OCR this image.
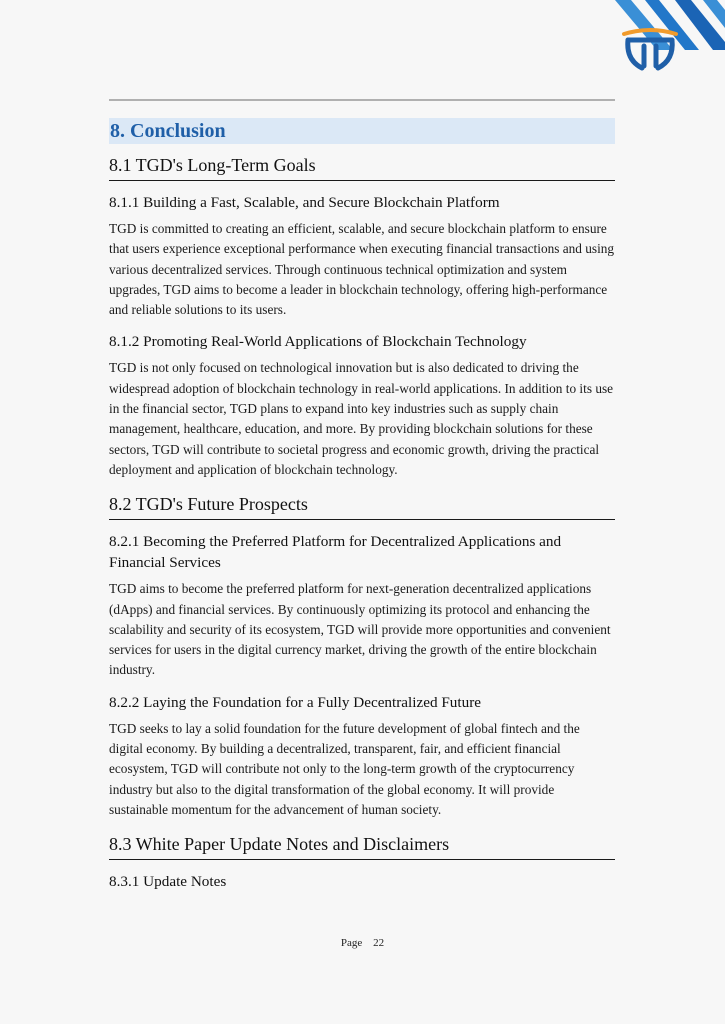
8. Conclusion
8.1 TGD's Long-Term Goals
8.1.1 Building a Fast, Scalable, and Secure Blockchain Platform

TGD is committed to creating an efficient, scalable, and secure blockchain platform to ensure that users experience exceptional performance when executing financial transactions and using various decentralized services. Through continuous technical optimization and system upgrades, TGD aims to become a leader in blockchain technology, offering high-performance and reliable solutions to its users.

8.1.2 Promoting Real-World Applications of Blockchain Technology

TGD is not only focused on technological innovation but is also dedicated to driving the widespread adoption of blockchain technology in real-world applications. In addition to its use in the financial sector, TGD plans to expand into key industries such as supply chain management, healthcare, education, and more. By providing blockchain solutions for these sectors, TGD will contribute to societal progress and economic growth, driving the practical deployment and application of blockchain technology.

8.2 TGD's Future Prospects
8.2.1 Becoming the Preferred Platform for Decentralized Applications and Financial Services

TGD aims to become the preferred platform for next-generation decentralized applications (dApps) and financial services. By continuously optimizing its protocol and enhancing the scalability and security of its ecosystem, TGD will provide more opportunities and convenient services for users in the digital currency market, driving the growth of the entire blockchain industry.

8.2.2 Laying the Foundation for a Fully Decentralized Future

TGD seeks to lay a solid foundation for the future development of global fintech and the digital economy. By building a decentralized, transparent, fair, and efficient financial ecosystem, TGD will contribute not only to the long-term growth of the cryptocurrency industry but also to the digital transformation of the global economy. It will provide sustainable momentum for the advancement of human society.

8.3 White Paper Update Notes and Disclaimers
8.3.1 Update Notes
Page 22
